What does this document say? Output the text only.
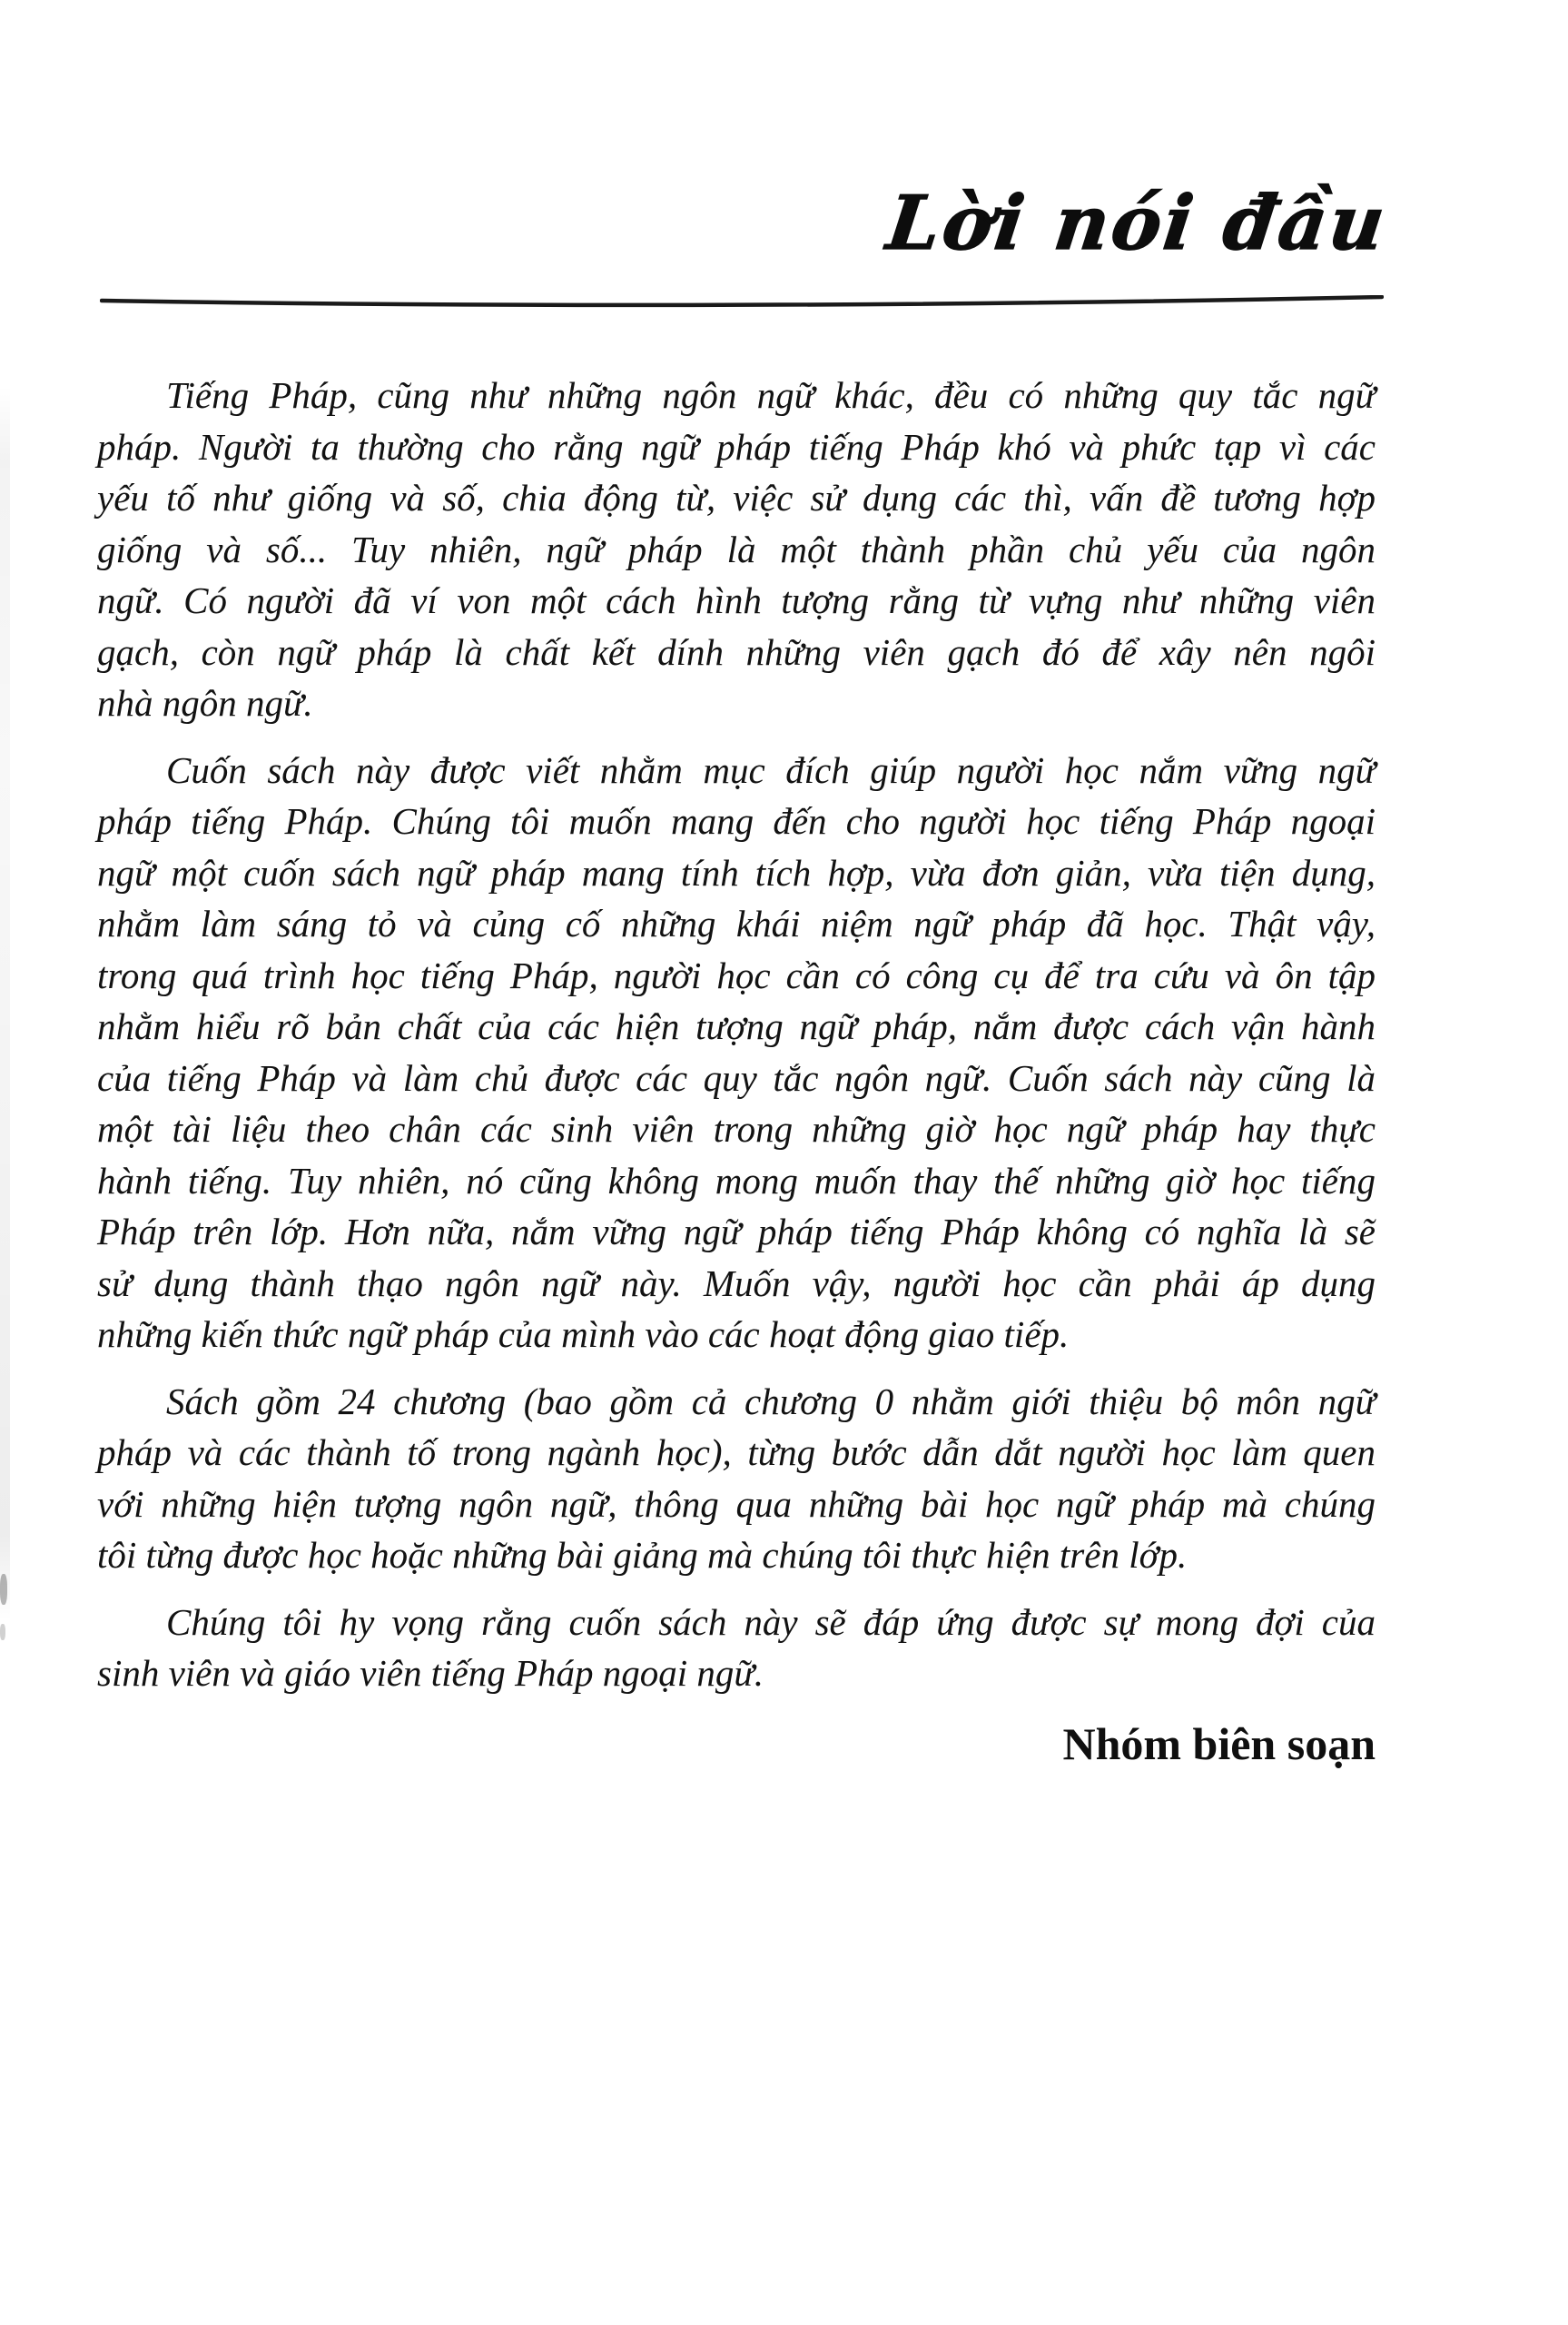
Lời nói đầu
Tiếng Pháp, cũng như những ngôn ngữ khác, đều có những quy tắc ngữ
pháp. Người ta thường cho rằng ngữ pháp tiếng Pháp khó và phức tạp vì các
yếu tố như giống và số, chia động từ, việc sử dụng các thì, vấn đề tương hợp
giống và số... Tuy nhiên, ngữ pháp là một thành phần chủ yếu của ngôn
ngữ. Có người đã ví von một cách hình tượng rằng từ vựng như những viên
gạch, còn ngữ pháp là chất kết dính những viên gạch đó để xây nên ngôi
nhà ngôn ngữ.
Cuốn sách này được viết nhằm mục đích giúp người học nắm vững ngữ
pháp tiếng Pháp. Chúng tôi muốn mang đến cho người học tiếng Pháp ngoại
ngữ một cuốn sách ngữ pháp mang tính tích hợp, vừa đơn giản, vừa tiện dụng,
nhằm làm sáng tỏ và củng cố những khái niệm ngữ pháp đã học. Thật vậy,
trong quá trình học tiếng Pháp, người học cần có công cụ để tra cứu và ôn tập
nhằm hiểu rõ bản chất của các hiện tượng ngữ pháp, nắm được cách vận hành
của tiếng Pháp và làm chủ được các quy tắc ngôn ngữ. Cuốn sách này cũng là
một tài liệu theo chân các sinh viên trong những giờ học ngữ pháp hay thực
hành tiếng. Tuy nhiên, nó cũng không mong muốn thay thế những giờ học tiếng
Pháp trên lớp. Hơn nữa, nắm vững ngữ pháp tiếng Pháp không có nghĩa là sẽ
sử dụng thành thạo ngôn ngữ này. Muốn vậy, người học cần phải áp dụng
những kiến thức ngữ pháp của mình vào các hoạt động giao tiếp.
Sách gồm 24 chương (bao gồm cả chương 0 nhằm giới thiệu bộ môn ngữ
pháp và các thành tố trong ngành học), từng bước dẫn dắt người học làm quen
với những hiện tượng ngôn ngữ, thông qua những bài học ngữ pháp mà chúng
tôi từng được học hoặc những bài giảng mà chúng tôi thực hiện trên lớp.
Chúng tôi hy vọng rằng cuốn sách này sẽ đáp ứng được sự mong đợi của
sinh viên và giáo viên tiếng Pháp ngoại ngữ.
Nhóm biên soạn
